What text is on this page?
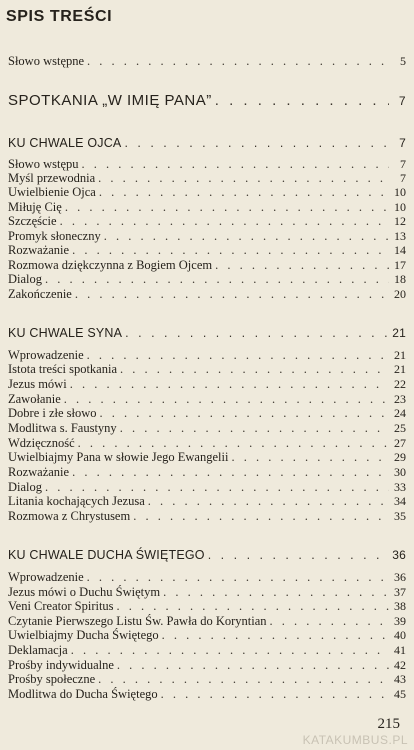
SPIS TREŚCI
Słowo wstępne . . .	5
SPOTKANIA „W IMIĘ PANA” . . .	7
KU CHWALE OJCA . . .	7
Słowo wstępu . . .	7
Myśl przewodnia . . .	7
Uwielbienie Ojca . . .	10
Miłuję Cię . . .	10
Szczęście . . .	12
Promyk słoneczny . . .	13
Rozważanie . . .	14
Rozmowa dziękczynna z Bogiem Ojcem . . .	17
Dialog . . .	18
Zakończenie . . .	20
KU CHWALE SYNA . . .	21
Wprowadzenie . . .	21
Istota treści spotkania . . .	21
Jezus mówi . . .	22
Zawołanie . . .	23
Dobre i złe słowo . . .	24
Modlitwa s. Faustyny . . .	25
Wdzięczność . . .	27
Uwielbiajmy Pana w słowie Jego Ewangelii . . .	29
Rozważanie . . .	30
Dialog . . .	33
Litania kochających Jezusa . . .	34
Rozmowa z Chrystusem . . .	35
KU CHWALE DUCHA ŚWIĘTEGO . . .	36
Wprowadzenie . . .	36
Jezus mówi o Duchu Świętym . . .	37
Veni Creator Spiritus . . .	38
Czytanie Pierwszego Listu Św. Pawła do Koryntian . . .	39
Uwielbiajmy Ducha Świętego . . .	40
Deklamacja . . .	41
Prośby indywidualne . . .	42
Prośby społeczne . . .	43
Modlitwa do Ducha Świętego . . .	45
215
KATAKUMBUS.PL
